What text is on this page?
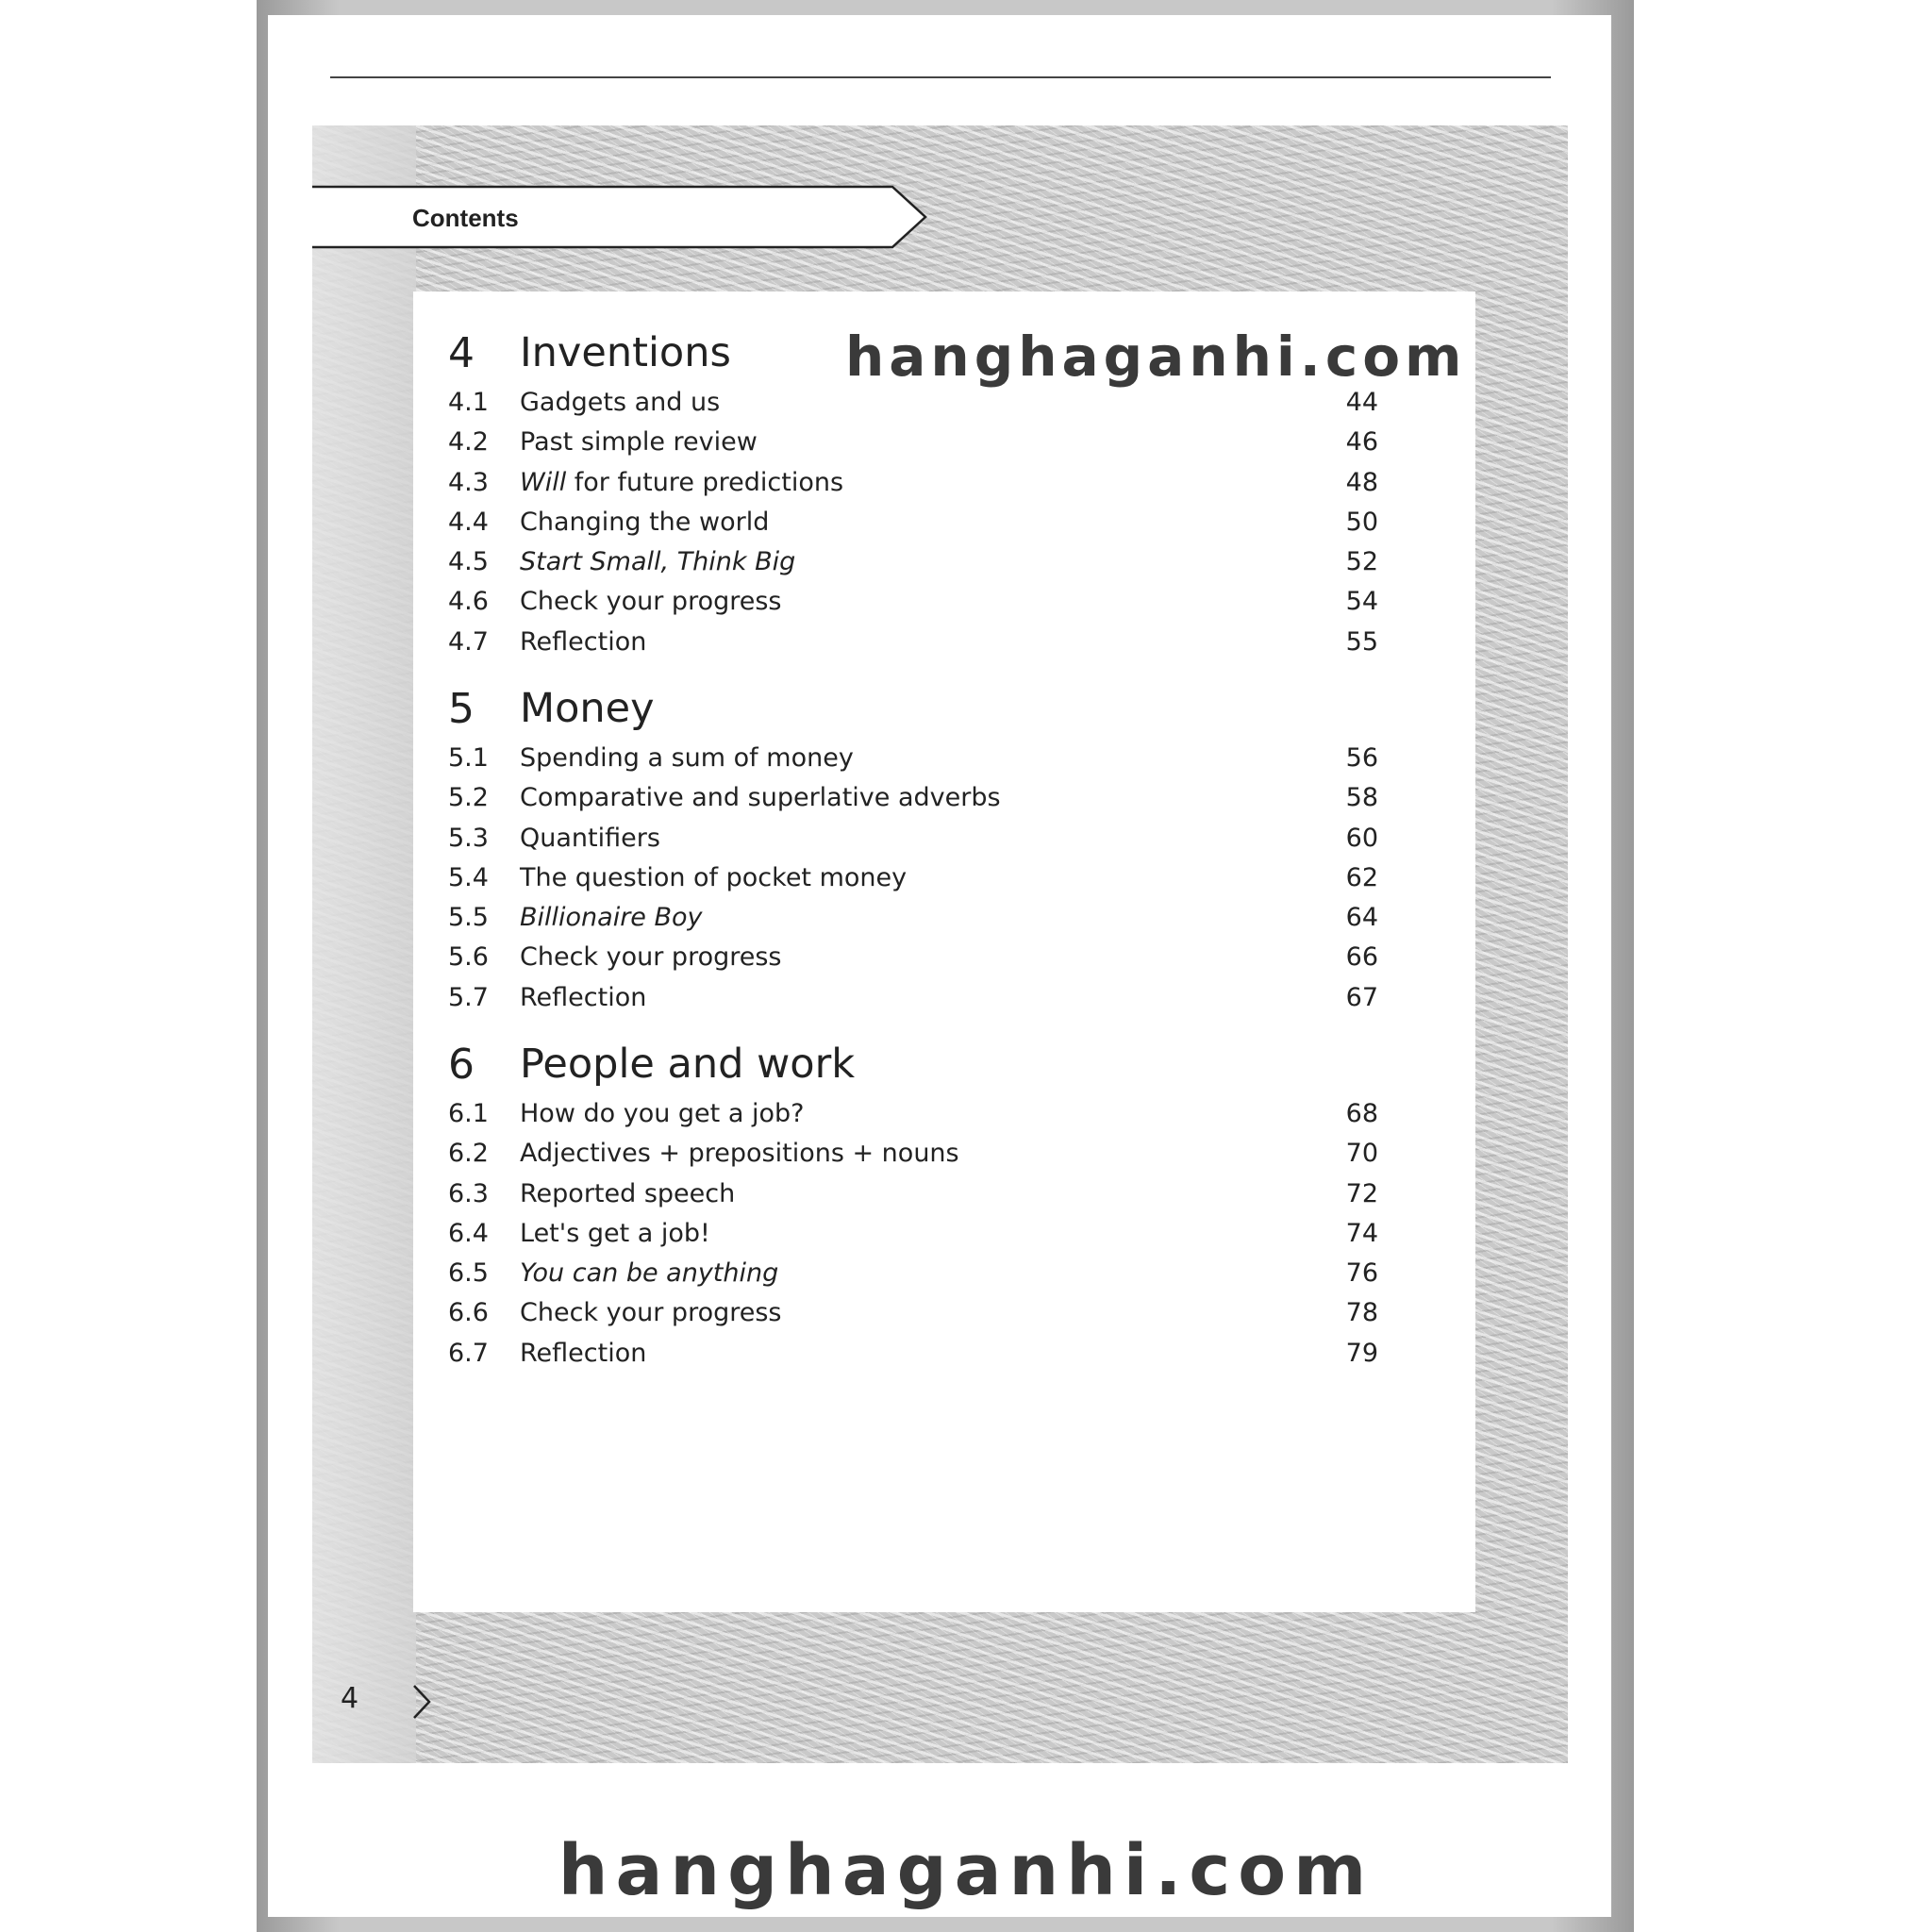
Contents
4 Inventions
4.1 Gadgets and us	44
4.2 Past simple review	46
4.3 Will for future predictions	48
4.4 Changing the world	50
4.5 Start Small, Think Big	52
4.6 Check your progress	54
4.7 Reflection	55
5 Money
5.1 Spending a sum of money	56
5.2 Comparative and superlative adverbs	58
5.3 Quantifiers	60
5.4 The question of pocket money	62
5.5 Billionaire Boy	64
5.6 Check your progress	66
5.7 Reflection	67
6 People and work
6.1 How do you get a job?	68
6.2 Adjectives + prepositions + nouns	70
6.3 Reported speech	72
6.4 Let's get a job!	74
6.5 You can be anything	76
6.6 Check your progress	78
6.7 Reflection	79
hanghaganhi.com
4
hanghaganhi.com
